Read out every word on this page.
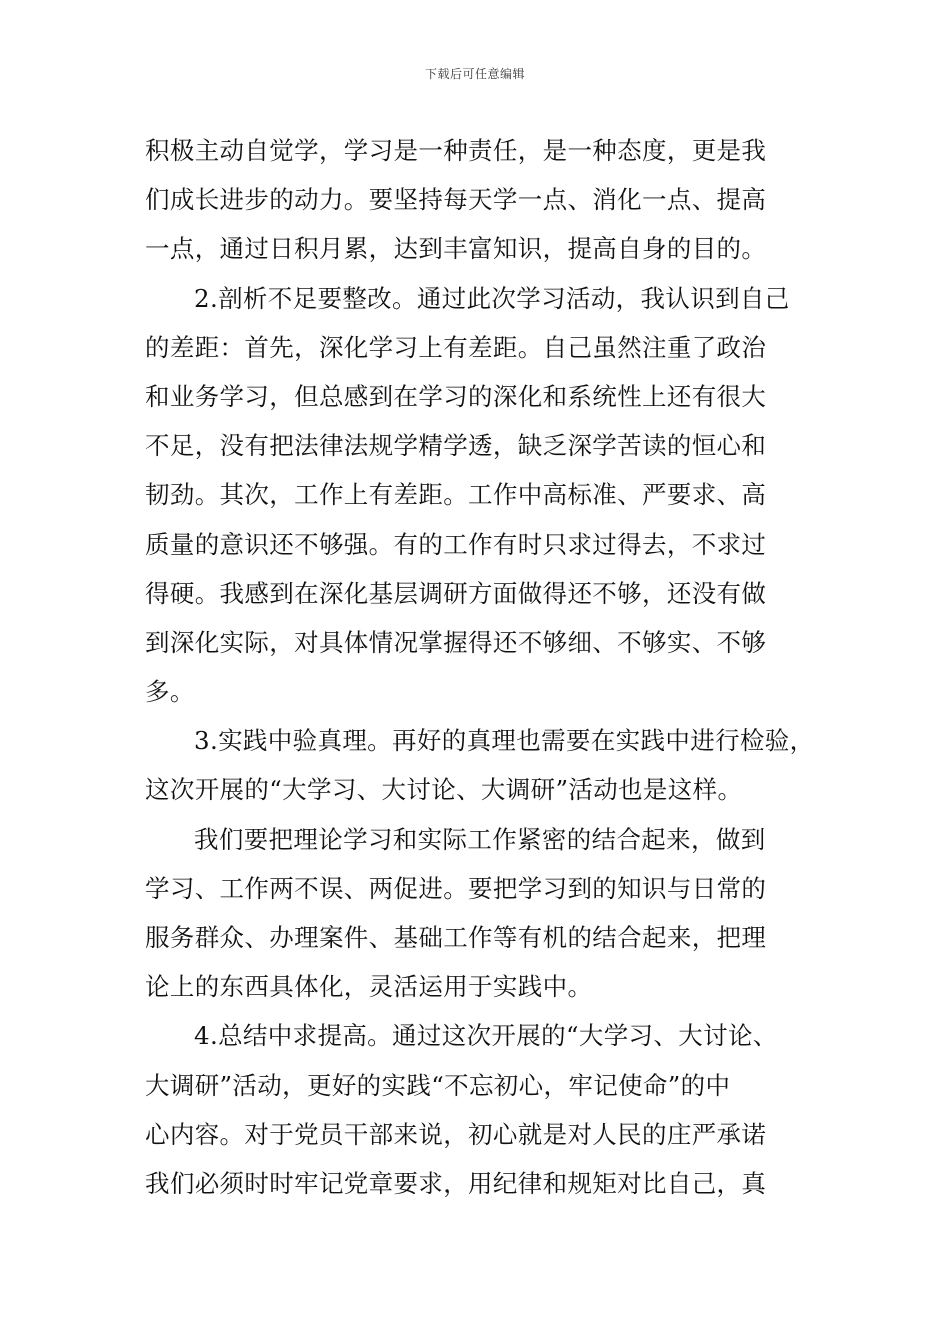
下载后可任意编辑
积极主动自觉学，学习是一种责任，是一种态度，更是我
们成长进步的动力。要坚持每天学一点、消化一点、提高
一点，通过日积月累，达到丰富知识，提高自身的目的。
2.剖析不足要整改。通过此次学习活动，我认识到自己
的差距：首先，深化学习上有差距。自己虽然注重了政治
和业务学习，但总感到在学习的深化和系统性上还有很大
不足，没有把法律法规学精学透，缺乏深学苦读的恒心和
韧劲。其次，工作上有差距。工作中高标准、严要求、高
质量的意识还不够强。有的工作有时只求过得去，不求过
得硬。我感到在深化基层调研方面做得还不够，还没有做
到深化实际，对具体情况掌握得还不够细、不够实、不够
多。
3.实践中验真理。再好的真理也需要在实践中进行检验，
这次开展的“大学习、大讨论、大调研”活动也是这样。
我们要把理论学习和实际工作紧密的结合起来，做到
学习、工作两不误、两促进。要把学习到的知识与日常的
服务群众、办理案件、基础工作等有机的结合起来，把理
论上的东西具体化，灵活运用于实践中。
4.总结中求提高。通过这次开展的“大学习、大讨论、
大调研”活动，更好的实践“不忘初心，牢记使命”的中
心内容。对于党员干部来说，初心就是对人民的庄严承诺
我们必须时时牢记党章要求，用纪律和规矩对比自己，真
